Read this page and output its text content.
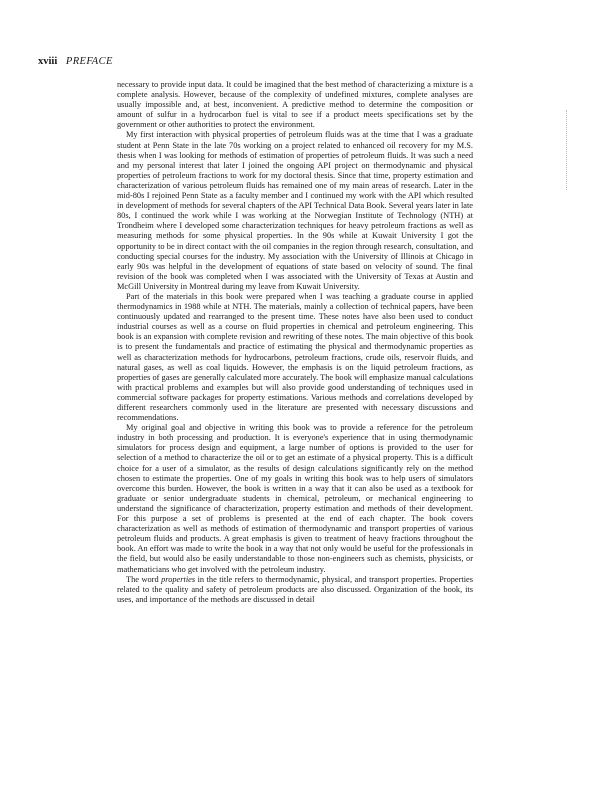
xviii PREFACE

necessary to provide input data. It could be imagined that the best method of characterizing a mixture is a complete analysis. However, because of the complexity of undefined mixtures, complete analyses are usually impossible and, at best, inconvenient. A predictive method to determine the composition or amount of sulfur in a hydrocarbon fuel is vital to see if a product meets specifications set by the government or other authorities to protect the environment.

My first interaction with physical properties of petroleum fluids was at the time that I was a graduate student at Penn State in the late 70s working on a project related to enhanced oil recovery for my M.S. thesis when I was looking for methods of estimation of properties of petroleum fluids. It was such a need and my personal interest that later I joined the ongoing API project on thermodynamic and physical properties of petroleum fractions to work for my doctoral thesis. Since that time, property estimation and characterization of various petroleum fluids has remained one of my main areas of research. Later in the mid-80s I rejoined Penn State as a faculty member and I continued my work with the API which resulted in development of methods for several chapters of the API Technical Data Book. Several years later in late 80s, I continued the work while I was working at the Norwegian Institute of Technology (NTH) at Trondheim where I developed some characterization techniques for heavy petroleum fractions as well as measuring methods for some physical properties. In the 90s while at Kuwait University I got the opportunity to be in direct contact with the oil companies in the region through research, consultation, and conducting special courses for the industry. My association with the University of Illinois at Chicago in early 90s was helpful in the development of equations of state based on velocity of sound. The final revision of the book was completed when I was associated with the University of Texas at Austin and McGill University in Montreal during my leave from Kuwait University.

Part of the materials in this book were prepared when I was teaching a graduate course in applied thermodynamics in 1988 while at NTH. The materials, mainly a collection of technical papers, have been continuously updated and rearranged to the present time. These notes have also been used to conduct industrial courses as well as a course on fluid properties in chemical and petroleum engineering. This book is an expansion with complete revision and rewriting of these notes. The main objective of this book is to present the fundamentals and practice of estimating the physical and thermodynamic properties as well as characterization methods for hydrocarbons, petroleum fractions, crude oils, reservoir fluids, and natural gases, as well as coal liquids. However, the emphasis is on the liquid petroleum fractions, as properties of gases are generally calculated more accurately. The book will emphasize manual calculations with practical problems and examples but will also provide good understanding of techniques used in commercial software packages for property estimations. Various methods and correlations developed by different researchers commonly used in the literature are presented with necessary discussions and recommendations.

My original goal and objective in writing this book was to provide a reference for the petroleum industry in both processing and production. It is everyone's experience that in using thermodynamic simulators for process design and equipment, a large number of options is provided to the user for selection of a method to characterize the oil or to get an estimate of a physical property. This is a difficult choice for a user of a simulator, as the results of design calculations significantly rely on the method chosen to estimate the properties. One of my goals in writing this book was to help users of simulators overcome this burden. However, the book is written in a way that it can also be used as a textbook for graduate or senior undergraduate students in chemical, petroleum, or mechanical engineering to understand the significance of characterization, property estimation and methods of their development. For this purpose a set of problems is presented at the end of each chapter. The book covers characterization as well as methods of estimation of thermodynamic and transport properties of various petroleum fluids and products. A great emphasis is given to treatment of heavy fractions throughout the book. An effort was made to write the book in a way that not only would be useful for the professionals in the field, but would also be easily understandable to those non-engineers such as chemists, physicists, or mathematicians who get involved with the petroleum industry.

The word properties in the title refers to thermodynamic, physical, and transport properties. Properties related to the quality and safety of petroleum products are also discussed. Organization of the book, its uses, and importance of the methods are discussed in detail
